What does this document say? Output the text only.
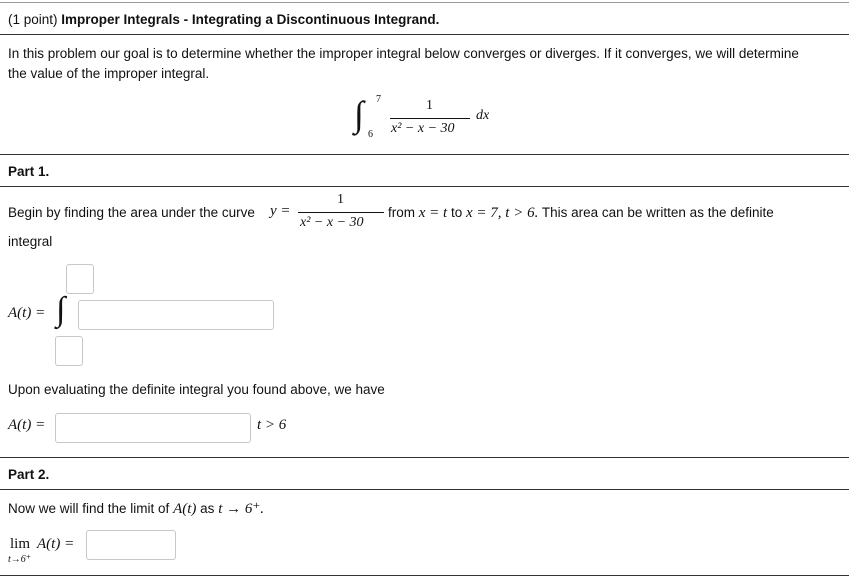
(1 point) Improper Integrals - Integrating a Discontinuous Integrand.
In this problem our goal is to determine whether the improper integral below converges or diverges. If it converges, we will determine
the value of the improper integral.
∫ 7
6
1
x² − x − 30
dx
Part 1.
Begin by finding the area under the curve y =
1
x² − x − 30
from x = t to x = 7, t > 6. This area can be written as the definite
integral
A(t) = ∫
Upon evaluating the definite integral you found above, we have
A(t) =	t > 6
Part 2.
Now we will find the limit of A(t) as t → 6⁺.
lim A(t) =
t→6⁺
